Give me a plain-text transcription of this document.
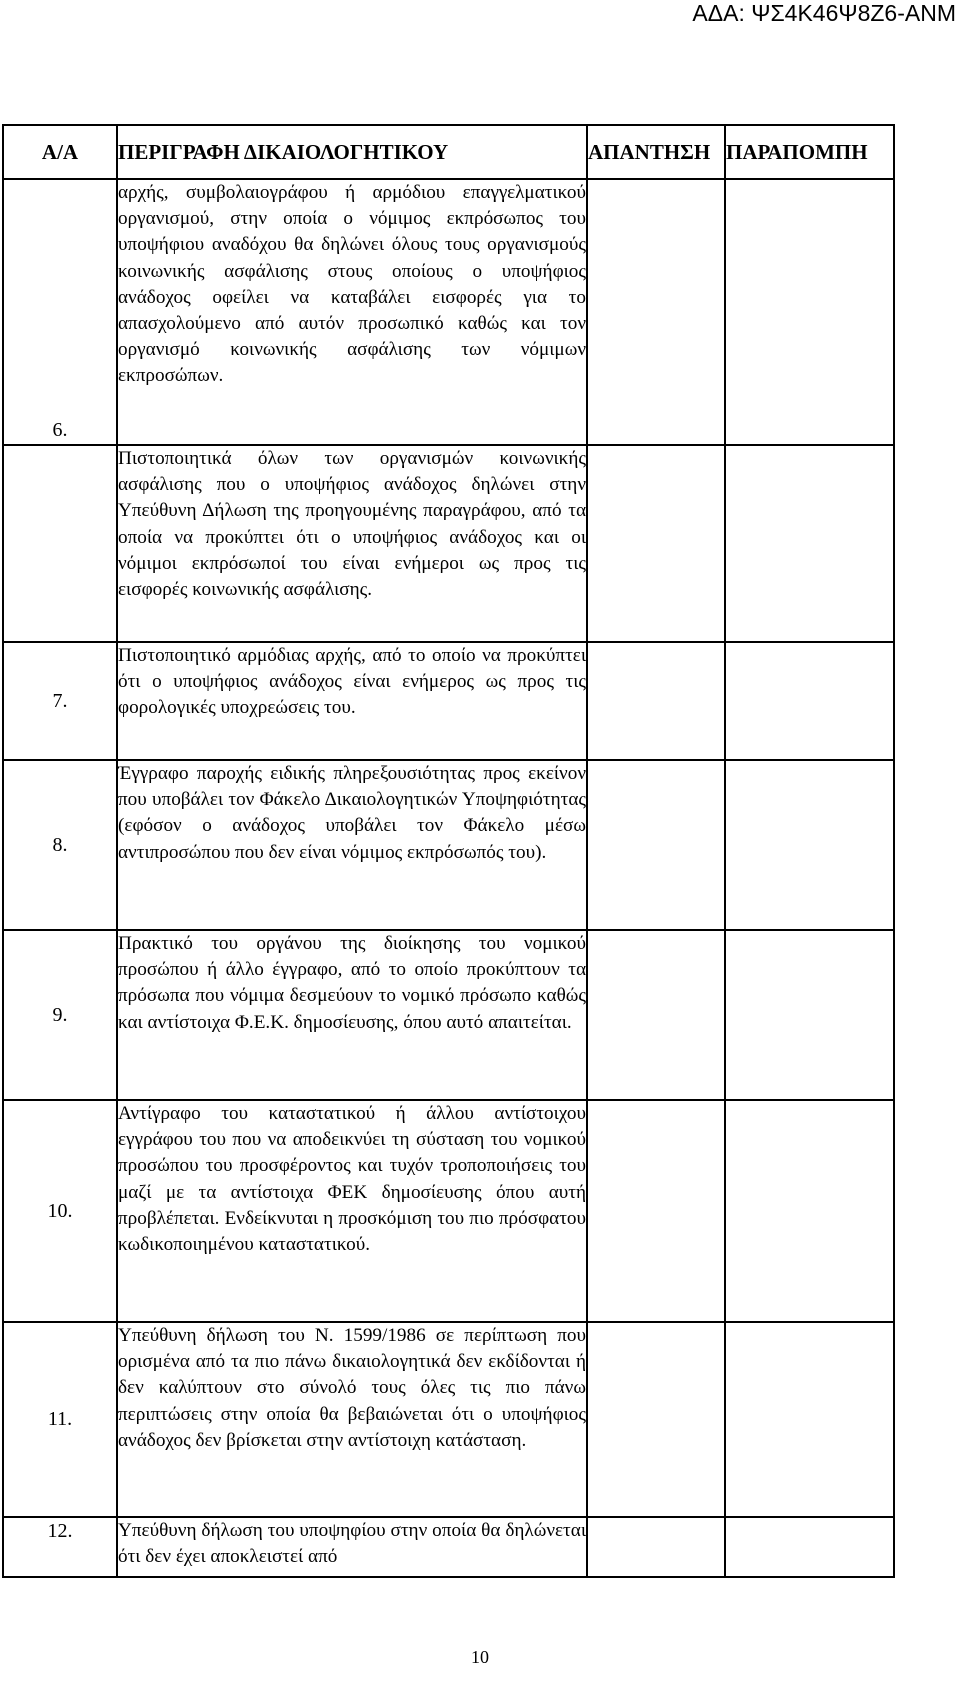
ΑΔΑ: ΨΣ4Κ46Ψ8Ζ6-ΑΝΜ
Α/Α	ΠΕΡΙΓΡΑΦΗ ΔΙΚΑΙΟΛΟΓΗΤΙΚΟΥ	ΑΠΑΝΤΗΣΗ	ΠΑΡΑΠΟΜΠΗ
6.	αρχής, συμβολαιογράφου ή αρμόδιου επαγγελματικού οργανισμού, στην οποία ο νόμιμος εκπρόσωπος του υποψήφιου αναδόχου θα δηλώνει όλους τους οργανισμούς κοινωνικής ασφάλισης στους οποίους ο υποψήφιος ανάδοχος οφείλει να καταβάλει εισφορές για το απασχολούμενο από αυτόν προσωπικό καθώς και τον οργανισμό κοινωνικής ασφάλισης των νόμιμων εκπροσώπων.		

	Πιστοποιητικά όλων των οργανισμών κοινωνικής ασφάλισης που ο υποψήφιος ανάδοχος δηλώνει στην Υπεύθυνη Δήλωση της προηγουμένης παραγράφου, από τα οποία να προκύπτει ότι ο υποψήφιος ανάδοχος και οι νόμιμοι εκπρόσωποί του είναι ενήμεροι ως προς τις εισφορές κοινωνικής ασφάλισης.		

7.	Πιστοποιητικό αρμόδιας αρχής, από το οποίο να προκύπτει ότι ο υποψήφιος ανάδοχος είναι ενήμερος ως προς τις φορολογικές υποχρεώσεις του.		

8.	Έγγραφο παροχής ειδικής πληρεξουσιότητας προς εκείνον που υποβάλει τον Φάκελο Δικαιολογητικών Υποψηφιότητας (εφόσον ο ανάδοχος υποβάλει τον Φάκελο μέσω αντιπροσώπου που δεν είναι νόμιμος εκπρόσωπός του).		

9.	Πρακτικό του οργάνου της διοίκησης του νομικού προσώπου ή άλλο έγγραφο, από το οποίο προκύπτουν τα πρόσωπα που νόμιμα δεσμεύουν το νομικό πρόσωπο καθώς και αντίστοιχα Φ.Ε.Κ. δημοσίευσης, όπου αυτό απαιτείται.		

10.	Αντίγραφο του καταστατικού ή άλλου αντίστοιχου εγγράφου του που να αποδεικνύει τη σύσταση του νομικού προσώπου του προσφέροντος και τυχόν τροποποιήσεις του μαζί με τα αντίστοιχα ΦΕΚ δημοσίευσης όπου αυτή προβλέπεται. Ενδείκνυται η προσκόμιση του πιο πρόσφατου κωδικοποιημένου καταστατικού.		

11.	Υπεύθυνη δήλωση του Ν. 1599/1986 σε περίπτωση που ορισμένα από τα πιο πάνω δικαιολογητικά δεν εκδίδονται ή δεν καλύπτουν στο σύνολό τους όλες τις πιο πάνω περιπτώσεις στην οποία θα βεβαιώνεται ότι ο υποψήφιος ανάδοχος δεν βρίσκεται στην αντίστοιχη κατάσταση.		

12.	Υπεύθυνη δήλωση του υποψηφίου στην οποία θα δηλώνεται ότι δεν έχει αποκλειστεί από		

10
